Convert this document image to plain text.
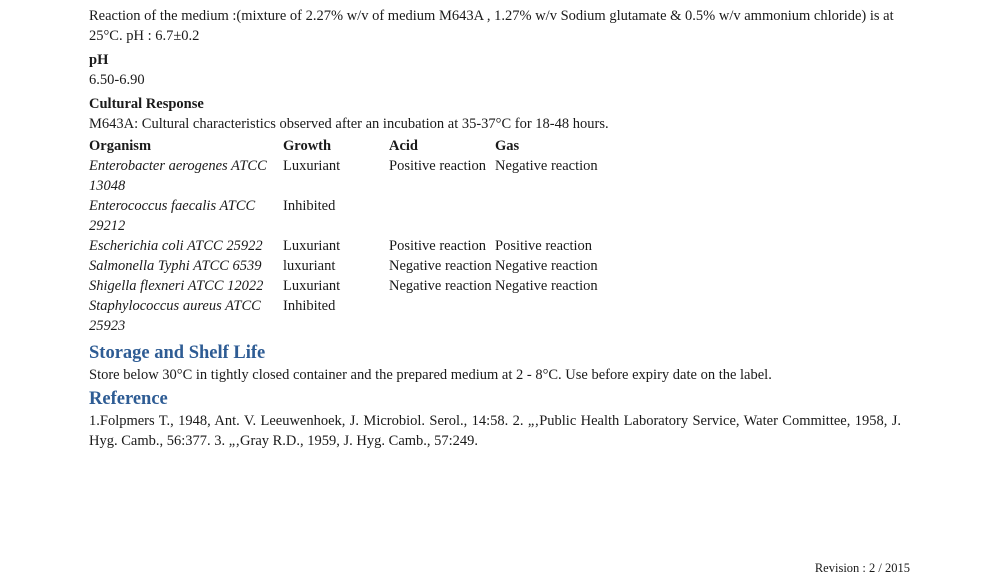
Reaction of the medium :(mixture of 2.27% w/v of medium M643A , 1.27% w/v Sodium glutamate & 0.5% w/v ammonium chloride) is at 25°C. pH : 6.7±0.2

pH

6.50-6.90

Cultural Response

M643A: Cultural characteristics observed after an incubation at 35-37°C for 18-48 hours.

Organism	Growth	Acid	Gas
Enterobacter aerogenes ATCC 13048	Luxuriant	Positive reaction	Negative reaction
Enterococcus faecalis ATCC 29212	Inhibited		
Escherichia coli ATCC 25922	Luxuriant	Positive reaction	Positive reaction
Salmonella Typhi ATCC 6539	luxuriant	Negative reaction	Negative reaction
Shigella flexneri ATCC 12022	Luxuriant	Negative reaction	Negative reaction
Staphylococcus aureus ATCC 25923	Inhibited		
Storage and Shelf Life

Store below 30°C in tightly closed container and the prepared medium at 2 - 8°C. Use before expiry date on the label.

Reference

1.Folpmers T., 1948, Ant. V. Leeuwenhoek, J. Microbiol. Serol., 14:58. 2. „‚Public Health Laboratory Service, Water Committee, 1958, J. Hyg. Camb., 56:377. 3. „‚Gray R.D., 1959, J. Hyg. Camb., 57:249.

Revision : 2 / 2015
